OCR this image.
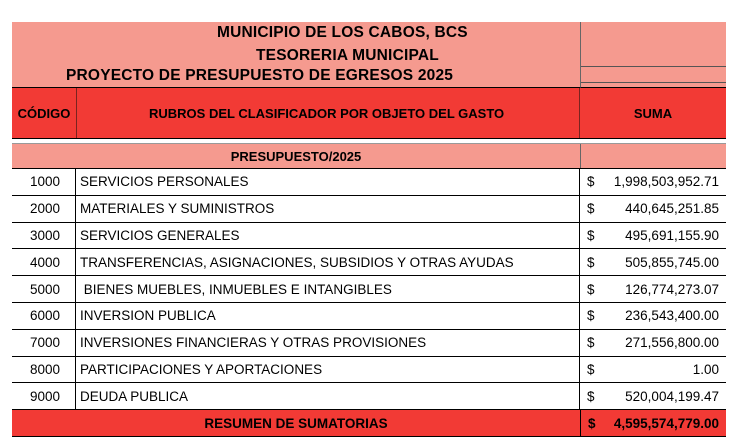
MUNICIPIO DE LOS CABOS, BCS
TESORERIA MUNICIPAL
PROYECTO DE PRESUPUESTO DE EGRESOS 2025
CÓDIGO	RUBROS DEL CLASIFICADOR POR OBJETO DEL GASTO	SUMA
PRESUPUESTO/2025
1000	SERVICIOS PERSONALES	$	1,998,503,952.71
2000	MATERIALES Y SUMINISTROS	$	440,645,251.85
3000	SERVICIOS GENERALES	$	495,691,155.90
4000	TRANSFERENCIAS, ASIGNACIONES, SUBSIDIOS Y OTRAS AYUDAS	$	505,855,745.00
5000	BIENES MUEBLES, INMUEBLES E INTANGIBLES	$	126,774,273.07
6000	INVERSION PUBLICA	$	236,543,400.00
7000	INVERSIONES FINANCIERAS Y OTRAS PROVISIONES	$	271,556,800.00
8000	PARTICIPACIONES Y APORTACIONES	$	1.00
9000	DEUDA PUBLICA	$	520,004,199.47
RESUMEN DE SUMATORIAS	$	4,595,574,779.00
